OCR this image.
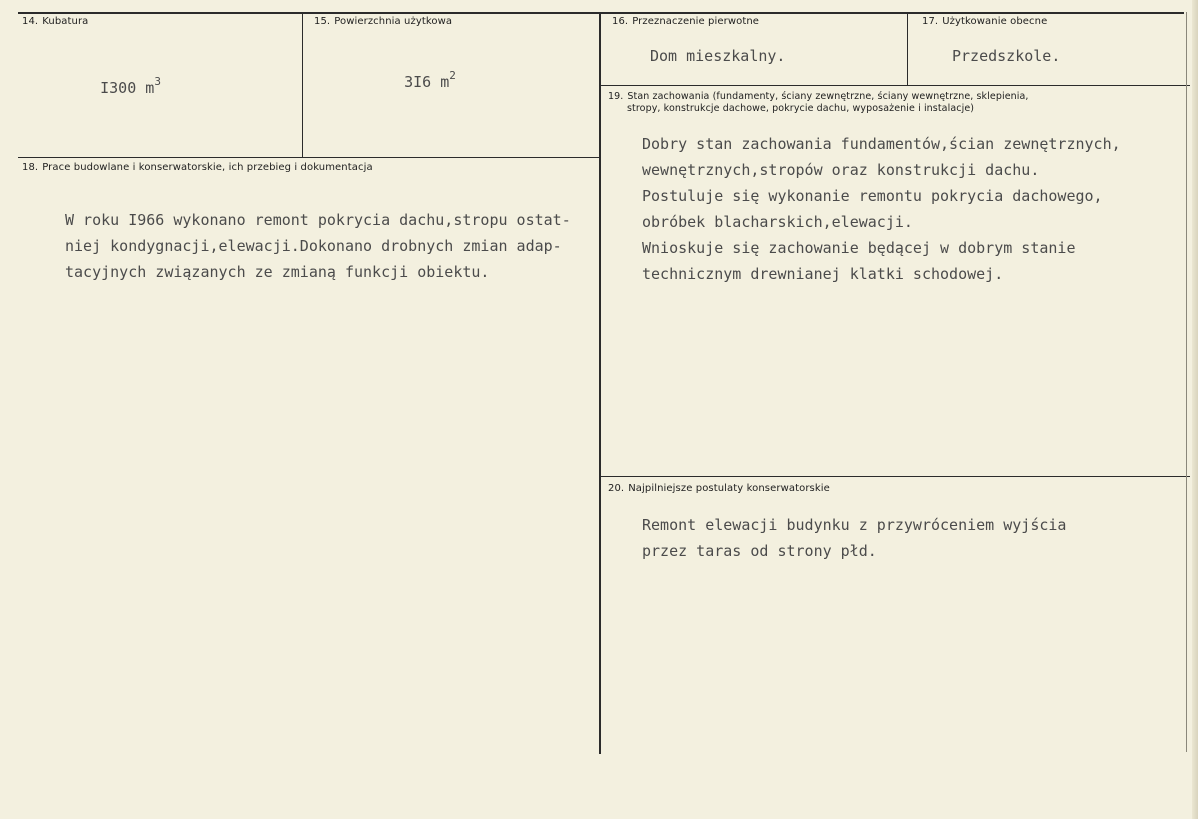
14. Kubatura

I300 $m^3$

15. Powierzchnia użytkowa

3I6 $m^2$

16. Przeznaczenie pierwotne
Dom mieszkalny.
17. Użytkowanie obecne
Przedszkole.
19. Stan zachowania (fundamenty, ściany zewnętrzne, ściany wewnętrzne, sklepienia,
stropy, konstrukcje dachowe, pokrycie dachu, wyposażenie i instalacje)
Dobry stan zachowania fundamentów,ścian zewnętrznych,
wewnętrznych,stropów oraz konstrukcji dachu.
Postuluje się wykonanie remontu pokrycia dachowego,
obróbek blacharskich,elewacji.
Wnioskuje się zachowanie będącej w dobrym stanie
technicznym drewnianej klatki schodowej.
18. Prace budowlane i konserwatorskie, ich przebieg i dokumentacja
W roku I966 wykonano remont pokrycia dachu,stropu ostat-
niej kondygnacji,elewacji.Dokonano drobnych zmian adap-
tacyjnych związanych ze zmianą funkcji obiektu.
20. Najpilniejsze postulaty konserwatorskie
Remont elewacji budynku z przywróceniem wyjścia
przez taras od strony płd.
